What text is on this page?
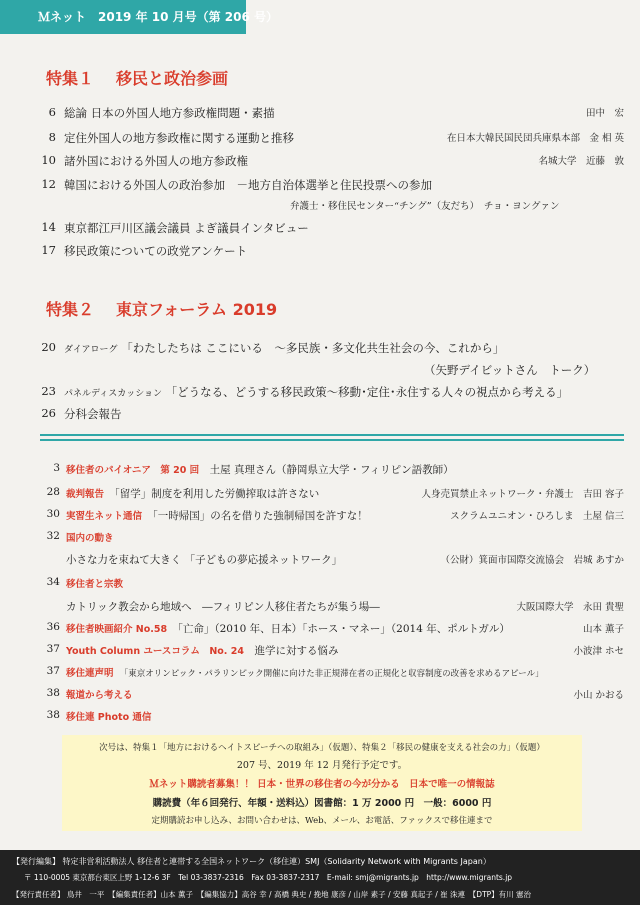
Ｍネット　2019 年 10 月号（第 206 号）
特集１ 移民と政治参画
6 総論 日本の外国人地方参政権問題・素描	田中　宏
8 定住外国人の地方参政権に関する運動と推移	在日本大韓民国民団兵庫県本部　金 相 英
10 諸外国における外国人の地方参政権	名城大学　近藤　敦
12 韓国における外国人の政治参加　－地方自治体選挙と住民投票への参加
弁護士・移住民センター“チング”（友だち）　チョ・ヨングァン
14 東京都江戸川区議会議員 よぎ議員インタビュー
17 移民政策についての政党アンケート
特集２ 東京フォーラム 2019
20 ダイアローグ 「わたしたちは ここにいる　～多民族・多文化共生社会の今、これから」
（矢野デイビットさん　トーク）
23 パネルディスカッション 「どうなる、どうする移民政策～移動･定住･永住する人々の視点から考える」
26 分科会報告
3 移住者のパイオニア　第 20 回　 土屋 真理さん（静岡県立大学・フィリピン語教師）
28 裁判報告　 「留学」制度を利用した労働搾取は許さない	人身売買禁止ネットワーク・弁護士　吉田 容子
30 実習生ネット通信　 「一時帰国」の名を借りた強制帰国を許すな！	スクラムユニオン・ひろしま　土屋 信三
32 国内の動き
小さな力を束ねて大きく 「子どもの夢応援ネットワーク」	（公財）箕面市国際交流協会　岩城 あすか
34 移住者と宗教
カトリック教会から地域へ　―フィリピン人移住者たちが集う場―	大阪国際大学　永田 貴聖
36 移住者映画紹介 No.58　 「亡命」（2010 年、日本）「ホース・マネー」（2014 年、ポルトガル）	山本 薫子
37 Youth Column ユースコラム　No. 24　 進学に対する悩み	小波津 ホセ
37 移住連声明　 「東京オリンピック・パラリンピック開催に向けた非正規滞在者の正規化と収容制度の改善を求めるアピール」
38 報道から考える	小山 かおる
38 移住連 Photo 通信
次号は、特集１「地方におけるヘイトスピーチへの取組み」（仮題）、特集２「移民の健康を支える社会の力」（仮題）
207 号、2019 年 12 月発行予定です。
Ｍネット購読者募集！！ 日本・世界の移住者の今が分かる　日本で唯一の情報誌
購読費（年６回発行、年額・送料込）図書館：1 万 2000 円　一般：6000 円
定期購読お申し込み、お問い合わせは、Web、メール、お電話、ファックスで移住連まで
【発行編集】 特定非営利活動法人 移住者と連帯する全国ネットワーク（移住連）SMJ（Solidarity Network with Migrants Japan）
〒 110-0005 東京都台東区上野 1-12-6 3F　Tel 03-3837-2316　Fax 03-3837-2317　E-mail: smj@migrants.jp　http://www.migrants.jp
【発行責任者】 鳥井　一平　【編集責任者】山本 薫子　【編集協力】高谷 幸 / 高橋 典史 / 挽地 康彦 / 山岸 素子 / 安藤 真起子 / 崔 洙連　【DTP】有川 憲治
